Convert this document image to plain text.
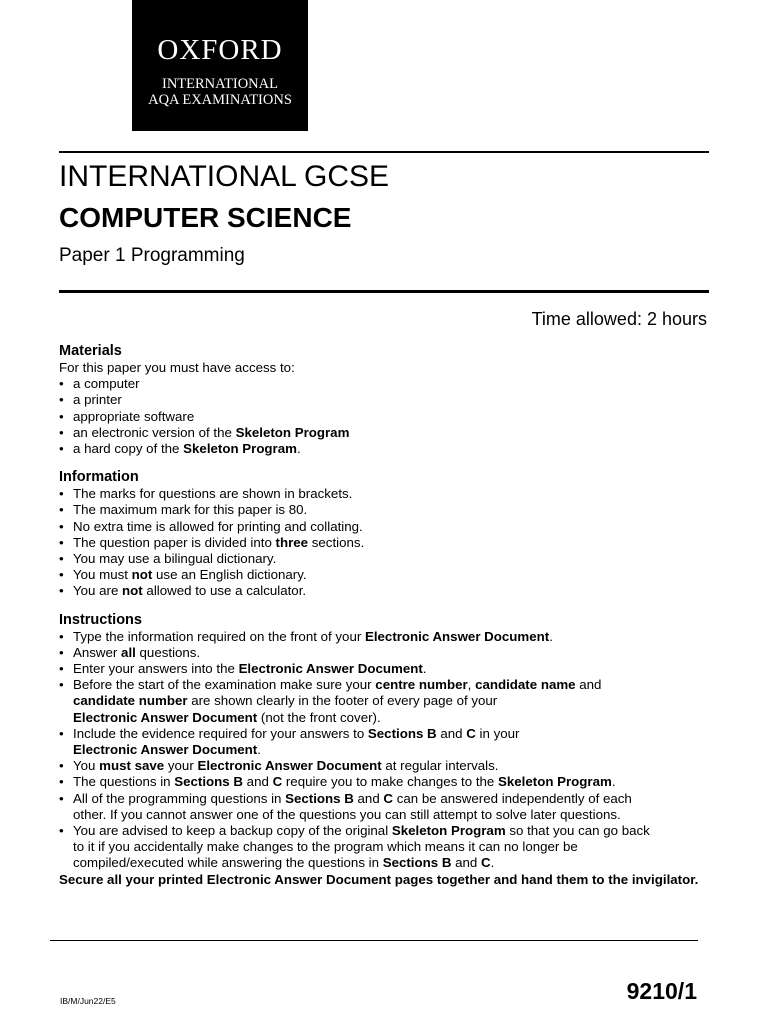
OXFORD
INTERNATIONAL
AQA EXAMINATIONS
INTERNATIONAL GCSE
COMPUTER SCIENCE
Paper 1 Programming
Time allowed: 2 hours
Materials

For this paper you must have access to:

• a computer
• a printer
• appropriate software
• an electronic version of the Skeleton Program
• a hard copy of the Skeleton Program.
Information
• The marks for questions are shown in brackets.
• The maximum mark for this paper is 80.
• No extra time is allowed for printing and collating.
• The question paper is divided into three sections.
• You may use a bilingual dictionary.
• You must not use an English dictionary.
• You are not allowed to use a calculator.
Instructions
• Type the information required on the front of your Electronic Answer Document.
• Answer all questions.
• Enter your answers into the Electronic Answer Document.
• Before the start of the examination make sure your centre number, candidate name and
candidate number are shown clearly in the footer of every page of your
Electronic Answer Document (not the front cover).
• Include the evidence required for your answers to Sections B and C in your
Electronic Answer Document.
• You must save your Electronic Answer Document at regular intervals.
• The questions in Sections B and C require you to make changes to the Skeleton Program.
• All of the programming questions in Sections B and C can be answered independently of each
other. If you cannot answer one of the questions you can still attempt to solve later questions.
• You are advised to keep a backup copy of the original Skeleton Program so that you can go back
to it if you accidentally make changes to the program which means it can no longer be
compiled/executed while answering the questions in Sections B and C.

Secure all your printed Electronic Answer Document pages together and hand them to the invigilator.

IB/M/Jun22/E5	9210/1
